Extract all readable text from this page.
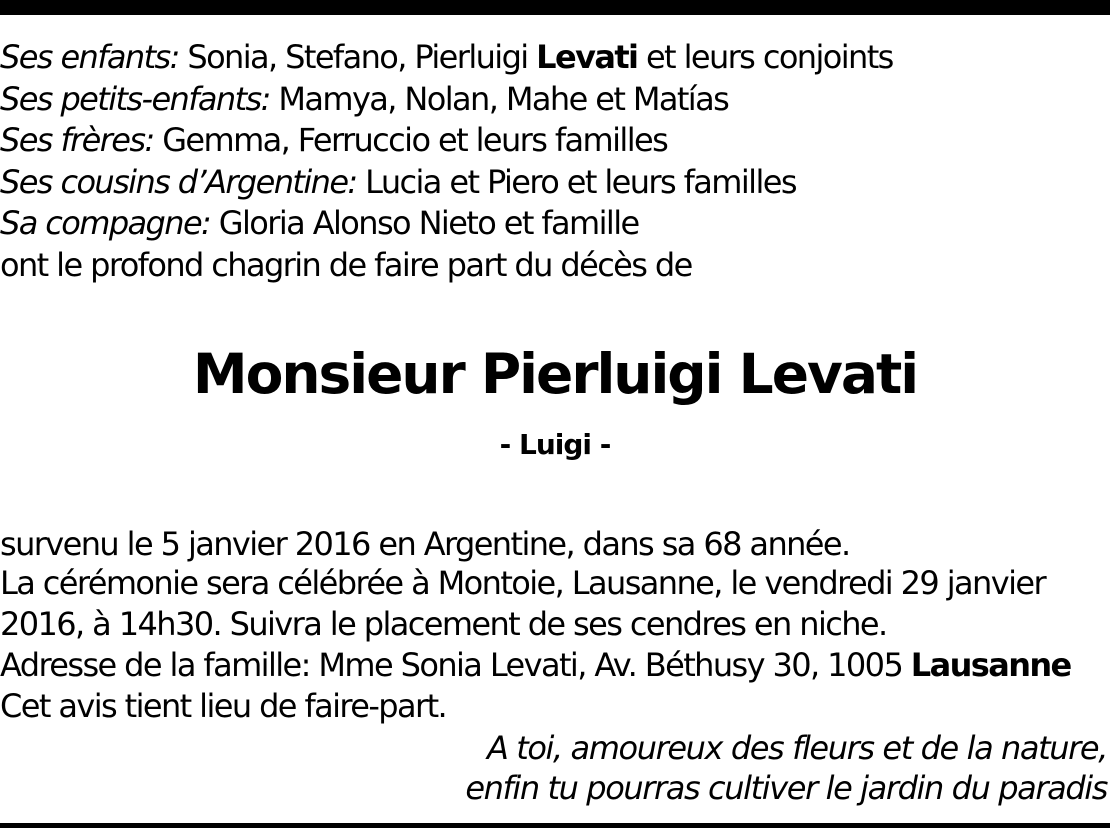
Ses enfants: Sonia, Stefano, Pierluigi Levati et leurs conjoints
Ses petits-enfants: Mamya, Nolan, Mahe et Matías
Ses frères: Gemma, Ferruccio et leurs familles
Ses cousins d’Argentine: Lucia et Piero et leurs familles
Sa compagne: Gloria Alonso Nieto et famille
ont le profond chagrin de faire part du décès de
Monsieur Pierluigi Levati
- Luigi -
survenu le 5 janvier 2016 en Argentine, dans sa 68 année.
La cérémonie sera célébrée à Montoie, Lausanne, le vendredi 29 janvier
2016, à 14h30. Suivra le placement de ses cendres en niche.
Adresse de la famille: Mme Sonia Levati, Av. Béthusy 30, 1005 Lausanne
Cet avis tient lieu de faire-part.
A toi, amoureux des fleurs et de la nature,
enfin tu pourras cultiver le jardin du paradis
